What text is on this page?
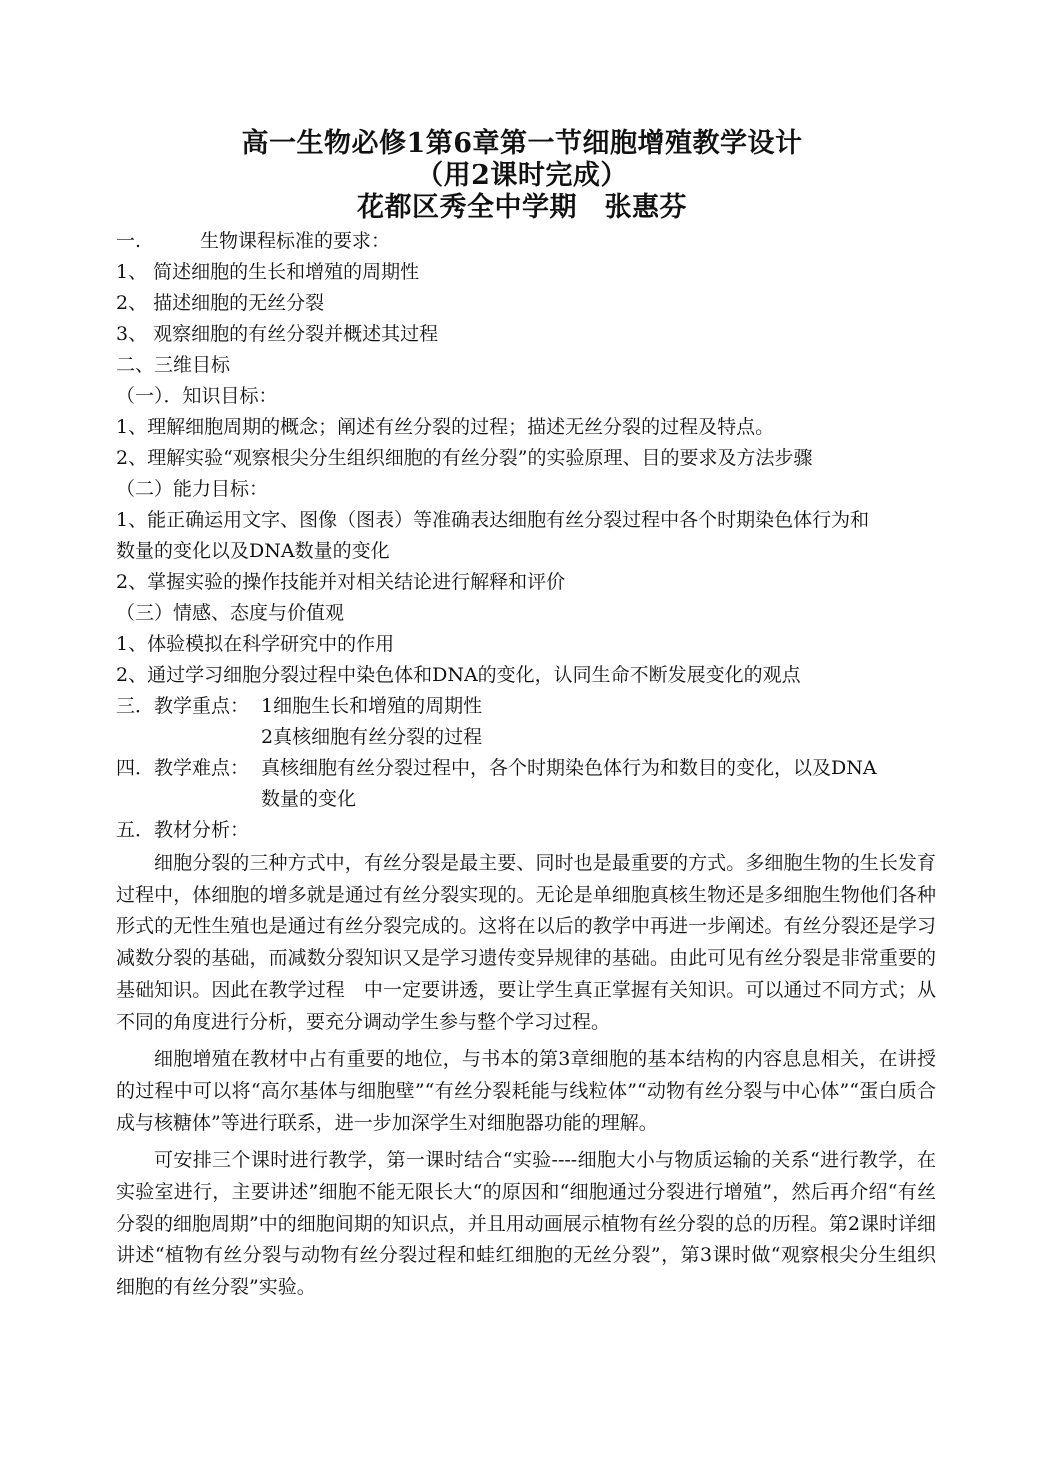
高一生物必修1第6章第一节细胞增殖教学设计

（用2课时完成）

花都区秀全中学期　张惠芬

一.	生物课程标准的要求：

1、 简述细胞的生长和增殖的周期性

2、 描述细胞的无丝分裂

3、 观察细胞的有丝分裂并概述其过程

二、三维目标

（一）．知识目标：

1、理解细胞周期的概念；阐述有丝分裂的过程；描述无丝分裂的过程及特点。

2、理解实验“观察根尖分生组织细胞的有丝分裂”的实验原理、目的要求及方法步骤

（二）能力目标：

1、能正确运用文字、图像（图表）等准确表达细胞有丝分裂过程中各个时期染色体行为和

数量的变化以及DNA数量的变化

2、掌握实验的操作技能并对相关结论进行解释和评价

（三）情感、态度与价值观

1、体验模拟在科学研究中的作用

2、通过学习细胞分裂过程中染色体和DNA的变化，认同生命不断发展变化的观点

三．教学重点： 1细胞生长和增殖的周期性
2真核细胞有丝分裂的过程
四．教学难点： 真核细胞有丝分裂过程中，各个时期染色体行为和数目的变化，以及DNA
数量的变化

五．教材分析：

细胞分裂的三种方式中，有丝分裂是最主要、同时也是最重要的方式。多细胞生物的生长发育过程中，体细胞的增多就是通过有丝分裂实现的。无论是单细胞真核生物还是多细胞生物他们各种形式的无性生殖也是通过有丝分裂完成的。这将在以后的教学中再进一步阐述。有丝分裂还是学习减数分裂的基础，而减数分裂知识又是学习遗传变异规律的基础。由此可见有丝分裂是非常重要的基础知识。因此在教学过程　中一定要讲透，要让学生真正掌握有关知识。可以通过不同方式；从不同的角度进行分析，要充分调动学生参与整个学习过程。

细胞增殖在教材中占有重要的地位，与书本的第3章细胞的基本结构的内容息息相关，在讲授的过程中可以将“高尔基体与细胞壁”“有丝分裂耗能与线粒体”“动物有丝分裂与中心体”“蛋白质合成与核糖体”等进行联系，进一步加深学生对细胞器功能的理解。

可安排三个课时进行教学，第一课时结合“实验----细胞大小与物质运输的关系“进行教学，在实验室进行，主要讲述”细胞不能无限长大“的原因和“细胞通过分裂进行增殖”，然后再介绍“有丝分裂的细胞周期”中的细胞间期的知识点，并且用动画展示植物有丝分裂的总的历程。第2课时详细讲述“植物有丝分裂与动物有丝分裂过程和蛙红细胞的无丝分裂”，第3课时做“观察根尖分生组织细胞的有丝分裂”实验。
